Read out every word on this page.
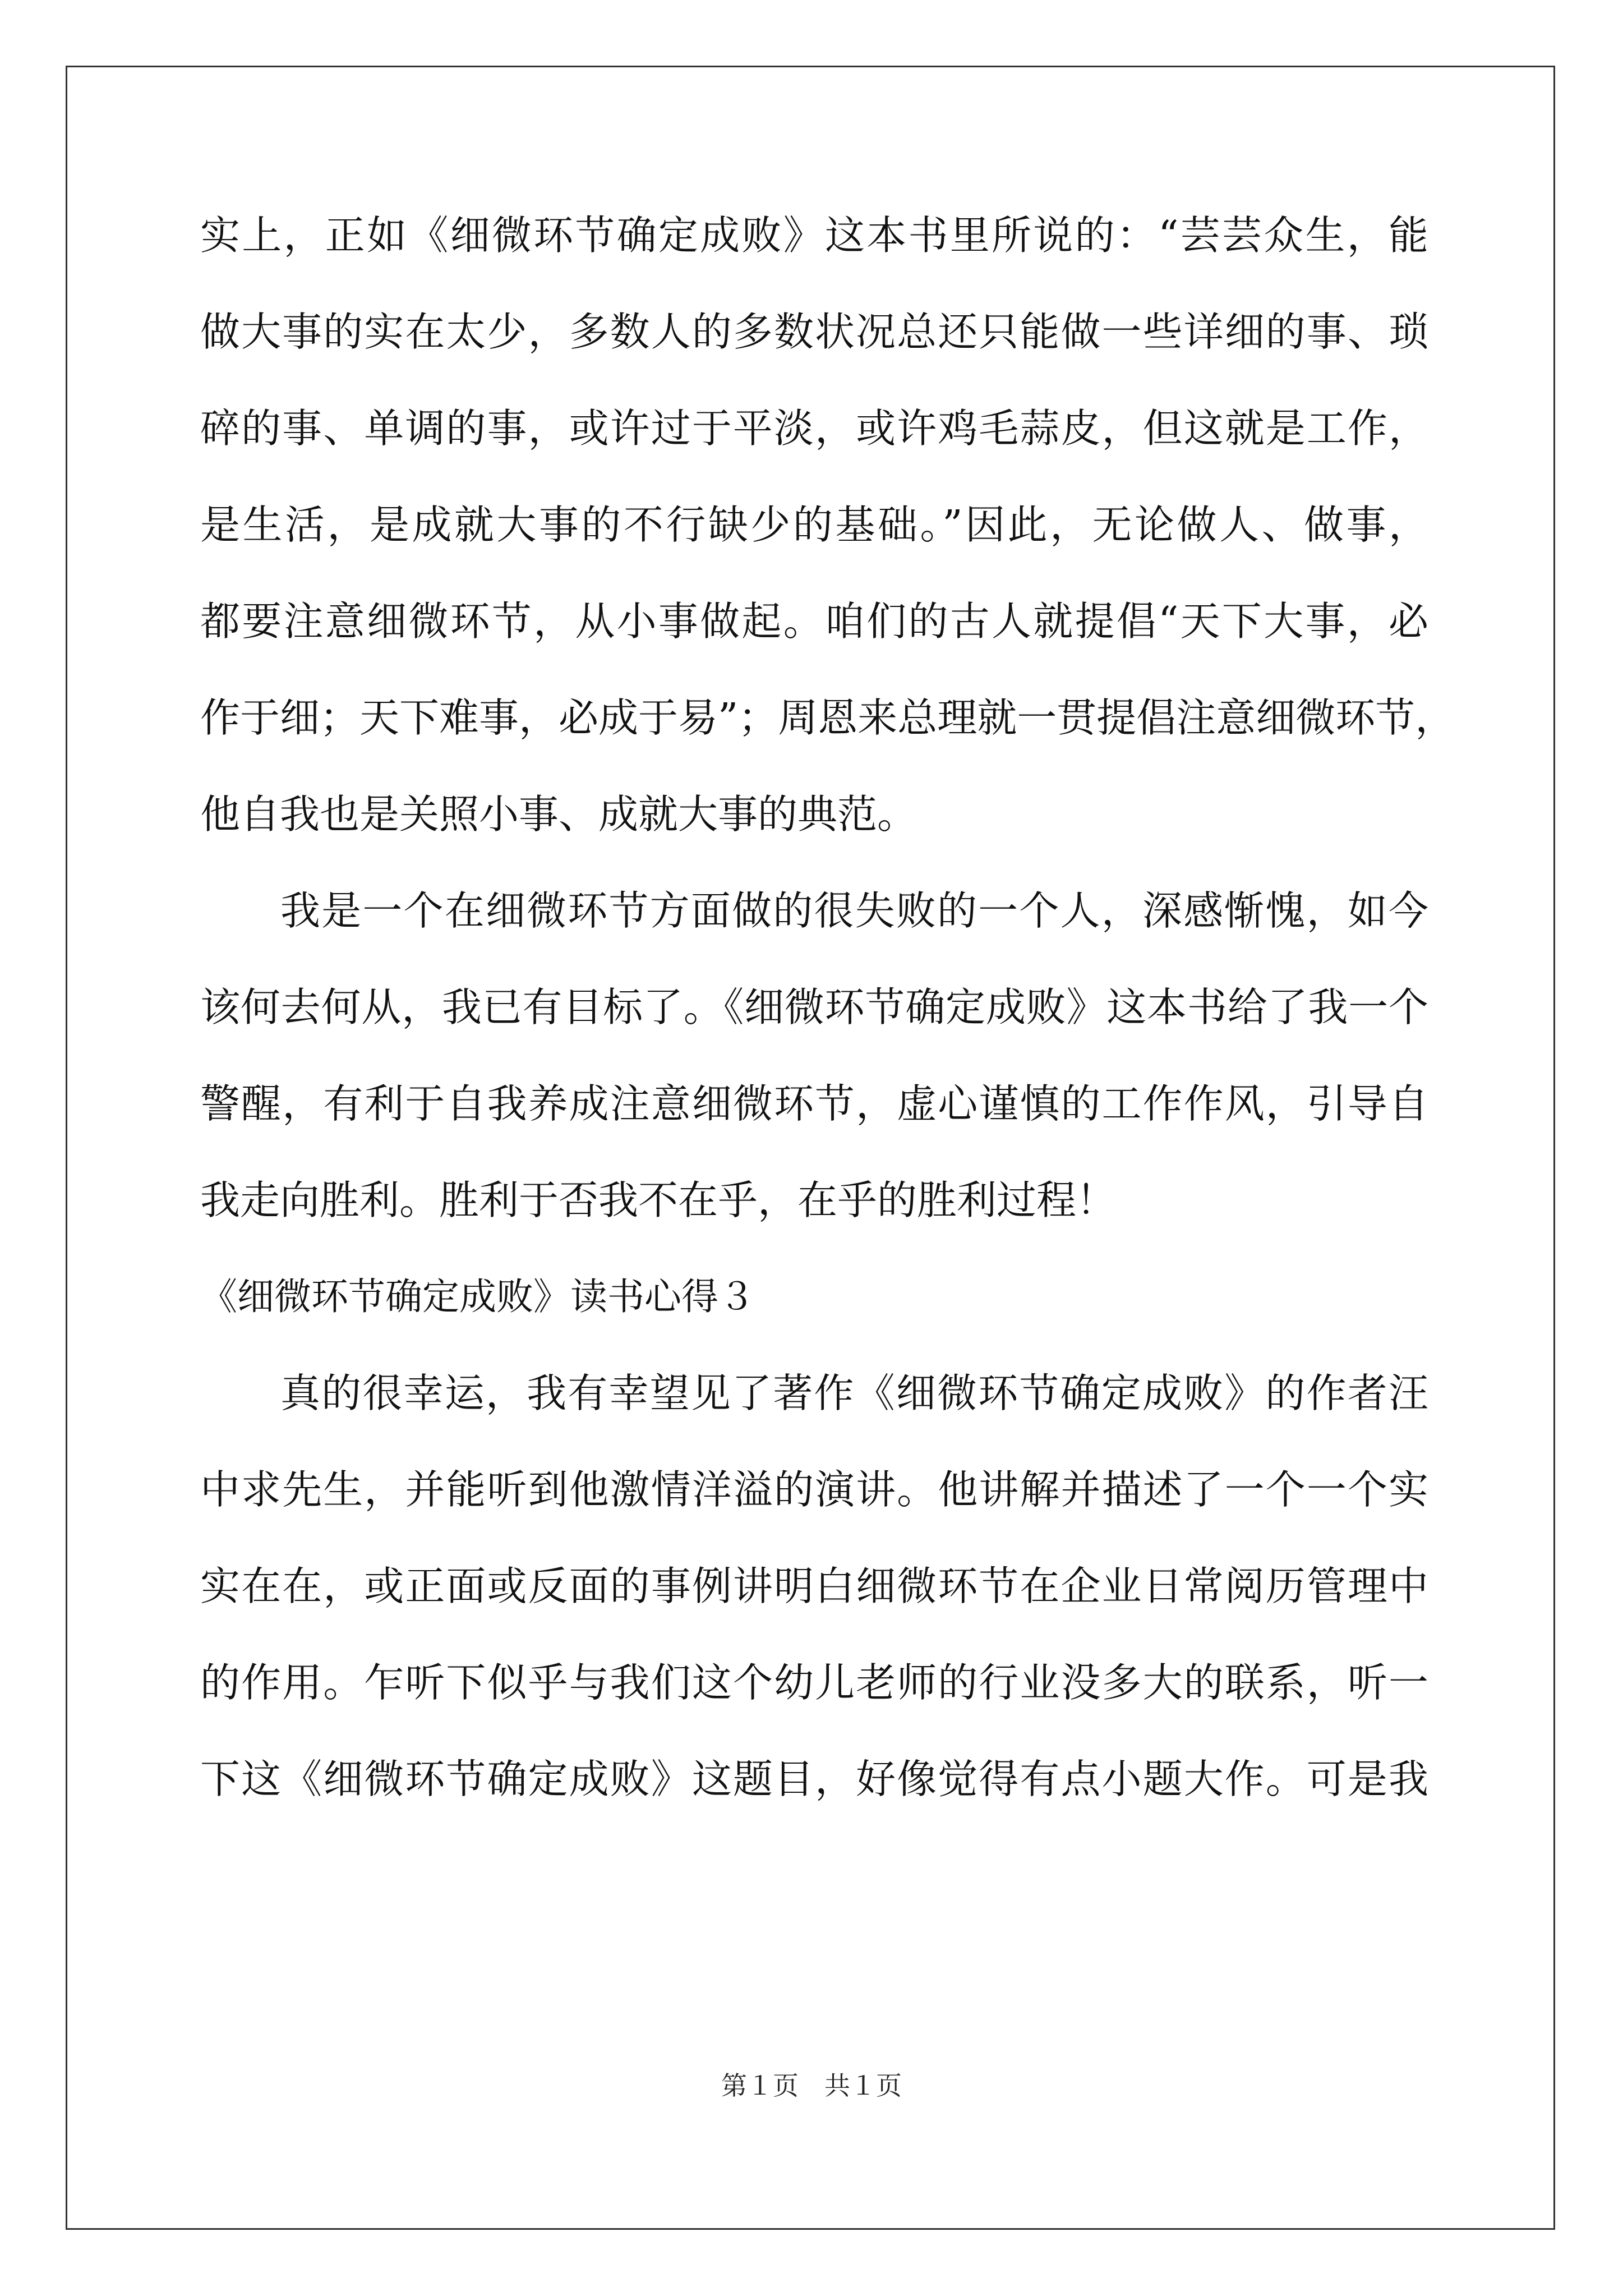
实上，正如《细微环节确定成败》这本书里所说的：“芸芸众生，能
做大事的实在太少，多数人的多数状况总还只能做一些详细的事、琐
碎的事、单调的事，或许过于平淡，或许鸡毛蒜皮，但这就是工作，
是生活，是成就大事的不行缺少的基础。”因此，无论做人、做事，
都要注意细微环节，从小事做起。咱们的古人就提倡“天下大事，必
作于细；天下难事，必成于易”；周恩来总理就一贯提倡注意细微环节，
他自我也是关照小事、成就大事的典范。
我是一个在细微环节方面做的很失败的一个人，深感惭愧，如今
该何去何从，我已有目标了。《细微环节确定成败》这本书给了我一个
警醒，有利于自我养成注意细微环节，虚心谨慎的工作作风，引导自
我走向胜利。胜利于否我不在乎，在乎的胜利过程！
《细微环节确定成败》读书心得３
真的很幸运，我有幸望见了著作《细微环节确定成败》的作者汪
中求先生，并能听到他激情洋溢的演讲。他讲解并描述了一个一个实
实在在，或正面或反面的事例讲明白细微环节在企业日常阅历管理中
的作用。乍听下似乎与我们这个幼儿老师的行业没多大的联系，听一
下这《细微环节确定成败》这题目，好像觉得有点小题大作。可是我
第１页　共１页
